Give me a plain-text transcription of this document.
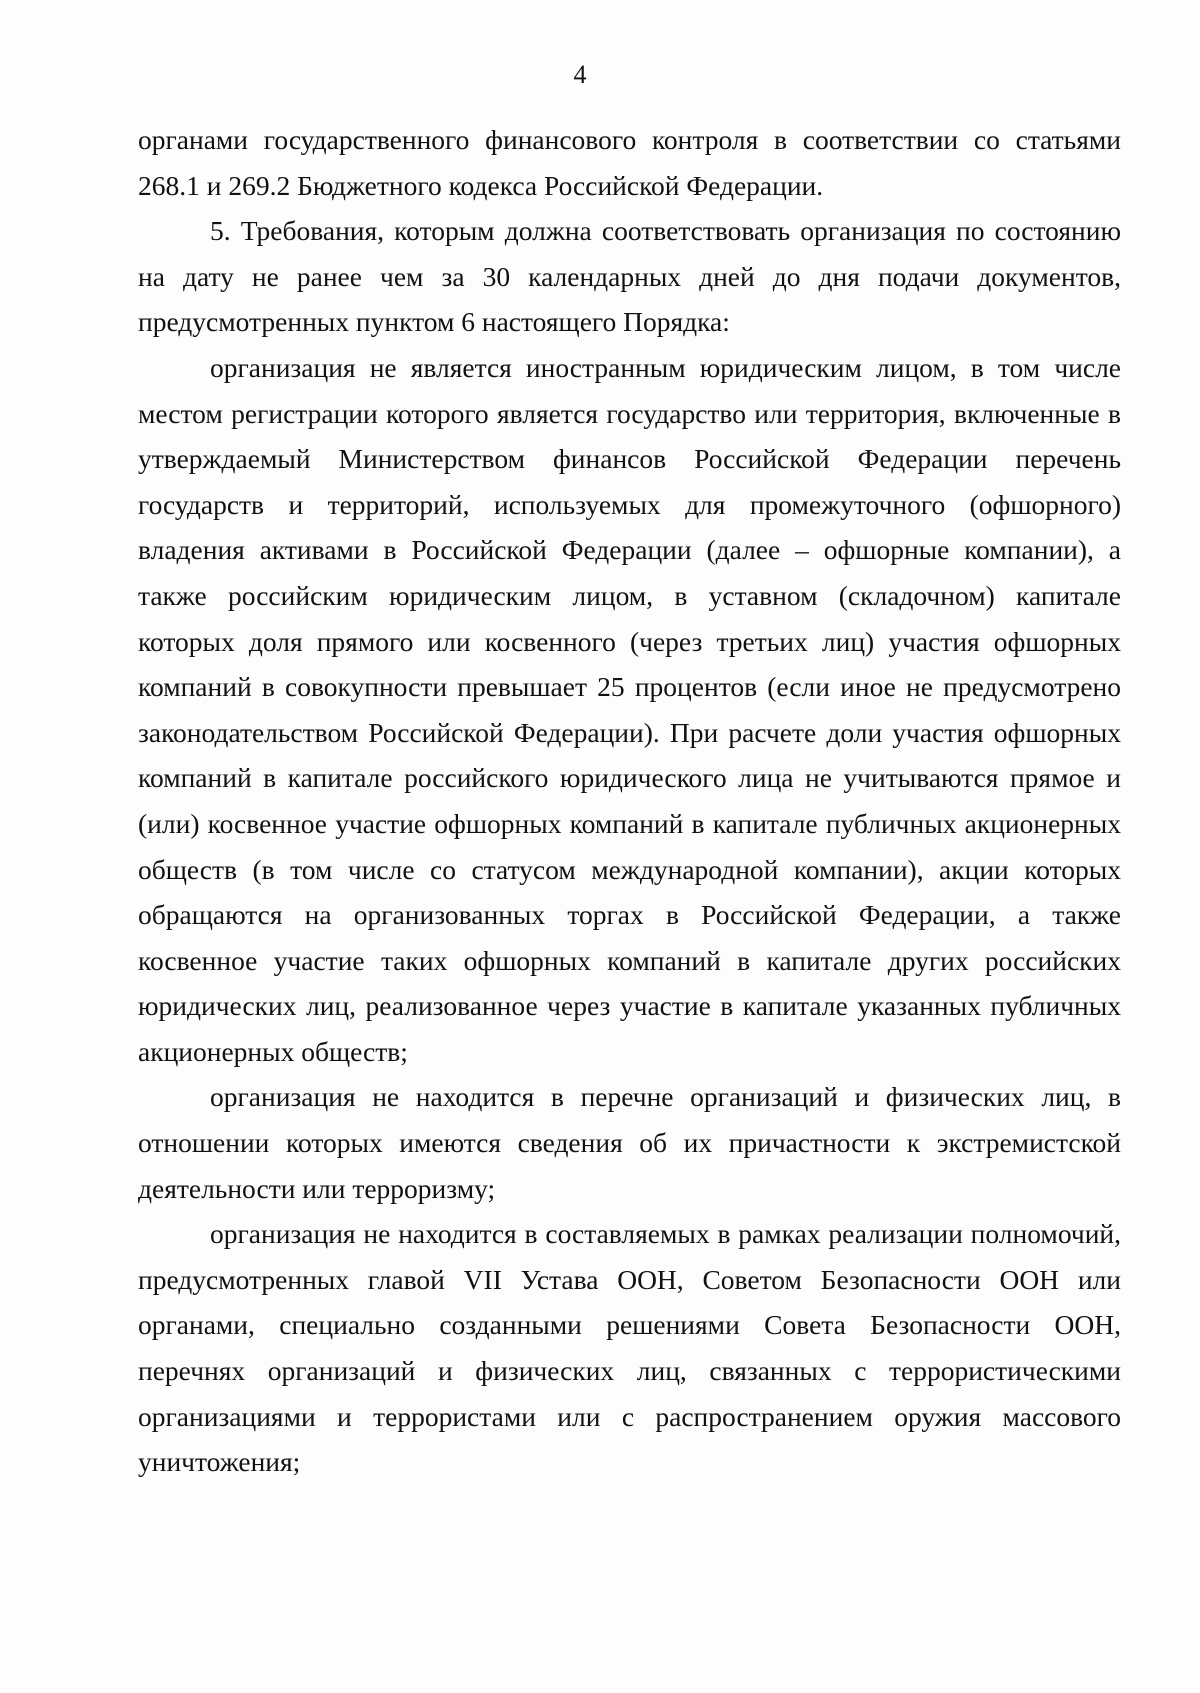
4

органами государственного финансового контроля в соответствии со статьями 268.1 и 269.2 Бюджетного кодекса Российской Федерации.

5. Требования, которым должна соответствовать организация по состоянию на дату не ранее чем за 30 календарных дней до дня подачи документов, предусмотренных пунктом 6 настоящего Порядка:

организация не является иностранным юридическим лицом, в том числе местом регистрации которого является государство или территория, включенные в утверждаемый Министерством финансов Российской Федерации перечень государств и территорий, используемых для промежуточного (офшорного) владения активами в Российской Федерации (далее – офшорные компании), а также российским юридическим лицом, в уставном (складочном) капитале которых доля прямого или косвенного (через третьих лиц) участия офшорных компаний в совокупности превышает 25 процентов (если иное не предусмотрено законодательством Российской Федерации). При расчете доли участия офшорных компаний в капитале российского юридического лица не учитываются прямое и (или) косвенное участие офшорных компаний в капитале публичных акционерных обществ (в том числе со статусом международной компании), акции которых обращаются на организованных торгах в Российской Федерации, а также косвенное участие таких офшорных компаний в капитале других российских юридических лиц, реализованное через участие в капитале указанных публичных акционерных обществ;

организация не находится в перечне организаций и физических лиц, в отношении которых имеются сведения об их причастности к экстремистской деятельности или терроризму;

организация не находится в составляемых в рамках реализации полномочий, предусмотренных главой VII Устава ООН, Советом Безопасности ООН или органами, специально созданными решениями Совета Безопасности ООН, перечнях организаций и физических лиц, связанных с террористическими организациями и террористами или с распространением оружия массового уничтожения;
